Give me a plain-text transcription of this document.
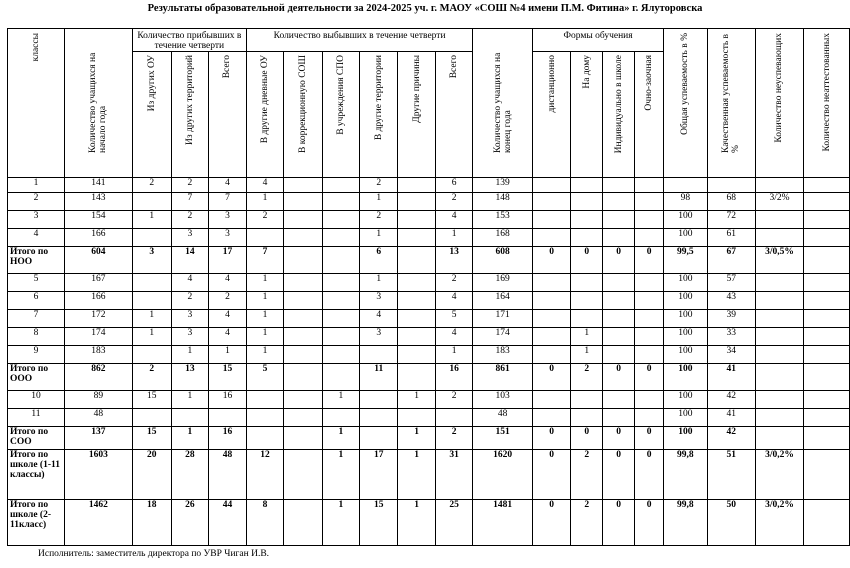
Результаты образовательной деятельности за 2024-2025 уч. г. МАОУ «СОШ №4 имени П.М. Фитина» г. Ялуторовска
классы	Количество учащихся на начало года	Количество прибывших в течение четверти			Количество выбывших в течение четверти						Количество учащихся на конец года	Формы обучения				Общая успеваемость в %	Качественная успеваемость в %	Количество неуспевающих	Количество неаттестованных

		Из других ОУ	Из других территорий	Всего	В другие дневные ОУ	В коррекционную СОШ	В учреждения СПО	В другие территории	Другие причины	Всего		дистанционно	На дому	Индивидуально в школе	Очно-заочная				

1	141	2	2	4	4			2		6	139								
2	143		7	7	1			1		2	148					98	68	3/2%	
3	154	1	2	3	2			2		4	153					100	72		
4	166		3	3				1		1	168					100	61		
Итого по НОО	604	3	14	17	7			6		13	608	0	0	0	0	99,5	67	3/0,5%	
5	167		4	4	1			1		2	169					100	57		
6	166		2	2	1			3		4	164					100	43		
7	172	1	3	4	1			4		5	171					100	39		
8	174	1	3	4	1			3		4	174		1			100	33		
9	183		1	1	1					1	183		1			100	34		
Итого по ООО	862	2	13	15	5			11		16	861	0	2	0	0	100	41		
10	89	15	1	16			1		1	2	103					100	42		
11	48										48					100	41		
Итого по СОО	137	15	1	16			1		1	2	151	0	0	0	0	100	42		
Итого по школе (1-11 классы)	1603	20	28	48	12		1	17	1	31	1620	0	2	0	0	99,8	51	3/0,2%	
Итого по школе (2-11класс)	1462	18	26	44	8		1	15	1	25	1481	0	2	0	0	99,8	50	3/0,2%	
Исполнитель: заместитель директора по УВР Чиган И.В.
